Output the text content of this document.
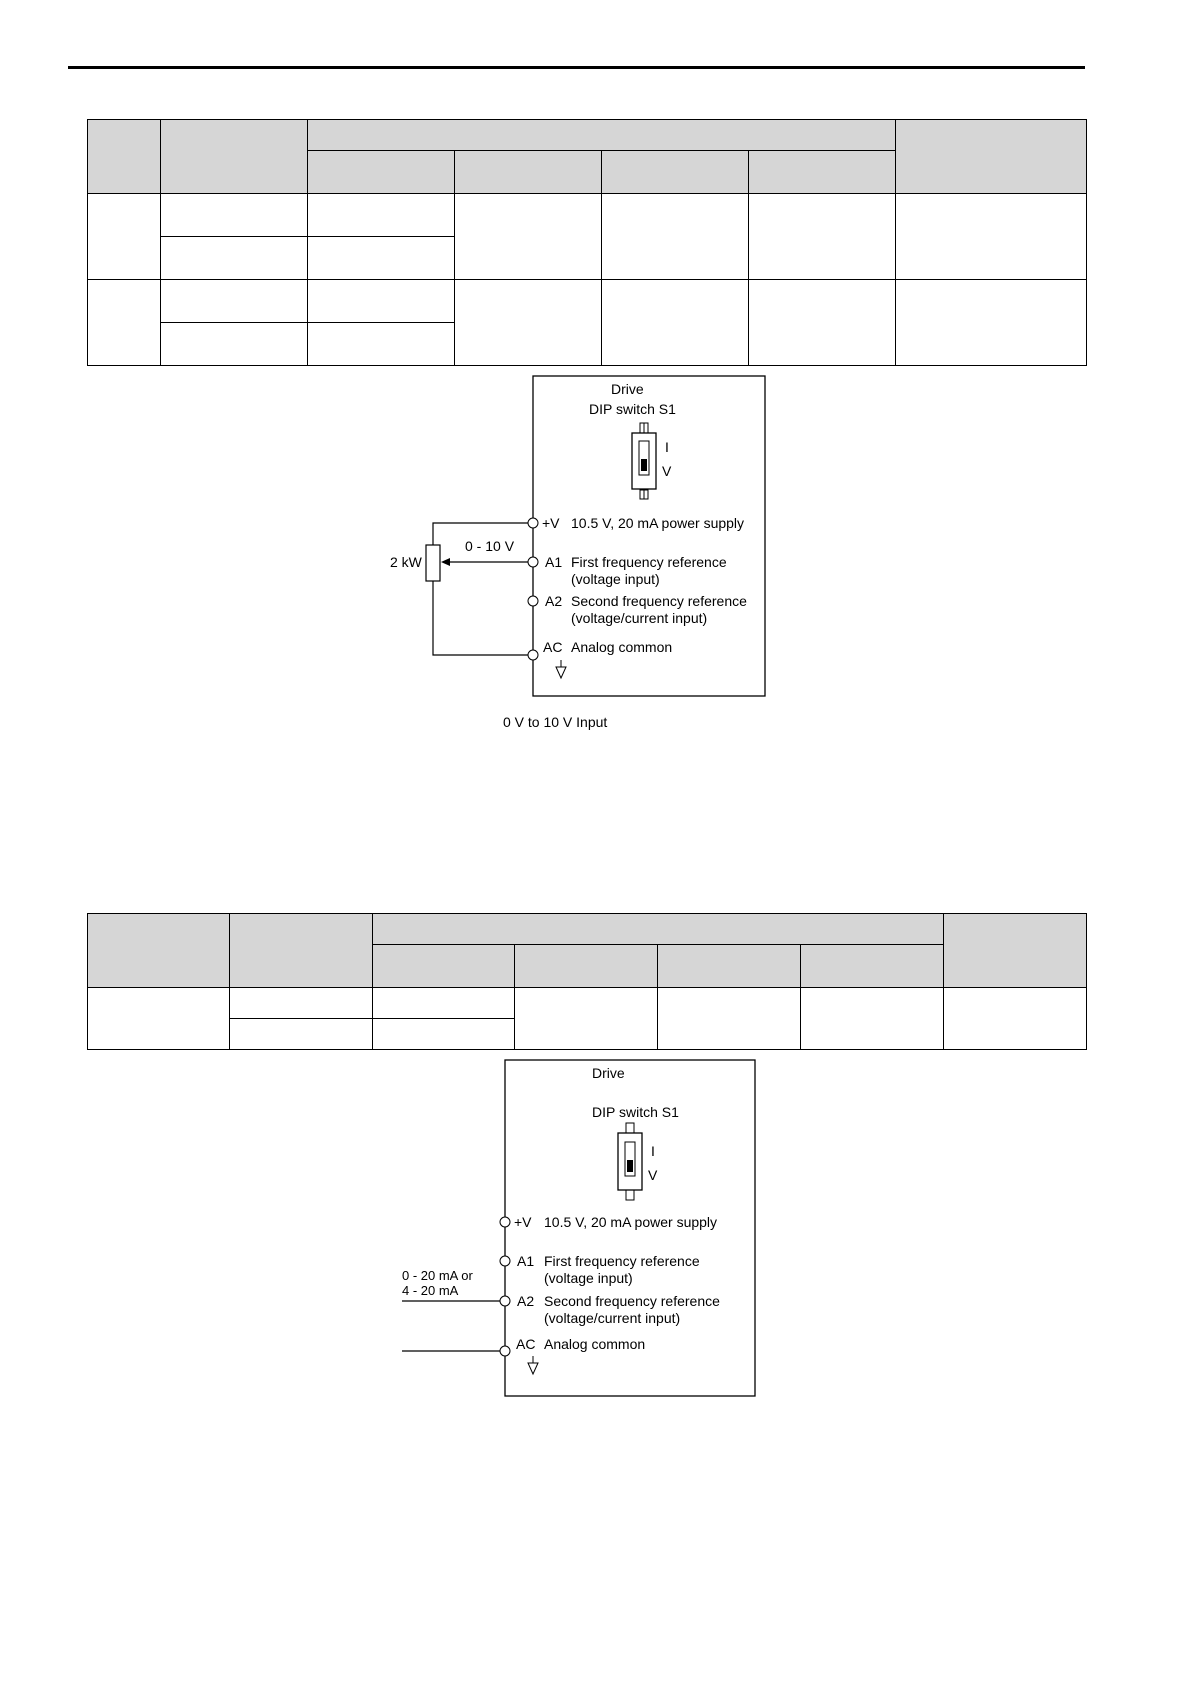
Drive
DIP switch S1
I
V
+V 10.5 V, 20 mA power supply
A1 First frequency reference
(voltage input)
A2 Second frequency reference
(voltage/current input)
AC Analog common
2 kW
0 - 10 V
0 V to 10 V Input

Drive
DIP switch S1
I
V
+V 10.5 V, 20 mA power supply
A1 First frequency reference
(voltage input)
A2 Second frequency reference
(voltage/current input)
AC Analog common
0 - 20 mA or
4 - 20 mA
